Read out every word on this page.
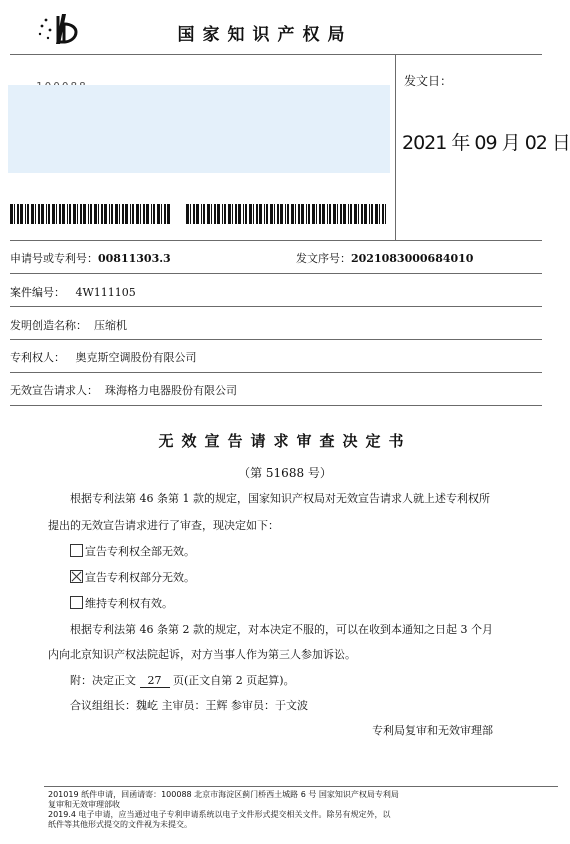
国家知识产权局
发文日：
2021 年 09 月 02 日
申请号或专利号：00811303.3	发文序号：2021083000684010
案件编号： 4W111105
发明创造名称： 压缩机
专利权人： 奥克斯空调股份有限公司
无效宣告请求人： 珠海格力电器股份有限公司
无效宣告请求审查决定书
（第 51688 号）
根据专利法第 46 条第 1 款的规定，国家知识产权局对无效宣告请求人就上述专利权所
提出的无效宣告请求进行了审查，现决定如下：
宣告专利权全部无效。
宣告专利权部分无效。
维持专利权有效。
根据专利法第 46 条第 2 款的规定，对本决定不服的，可以在收到本通知之日起 3 个月
内向北京知识产权法院起诉，对方当事人作为第三人参加诉讼。
附：决定正文 27 页(正文自第 2 页起算)。
合议组组长：魏屹 主审员：王辉 参审员：于文波
专利局复审和无效审理部
201019 纸件申请，回函请寄：100088 北京市海淀区蓟门桥西土城路 6 号 国家知识产权局专利局
复审和无效审理部收
2019.4 电子申请，应当通过电子专利申请系统以电子文件形式提交相关文件。除另有规定外，以
纸件等其他形式提交的文件视为未提交。
